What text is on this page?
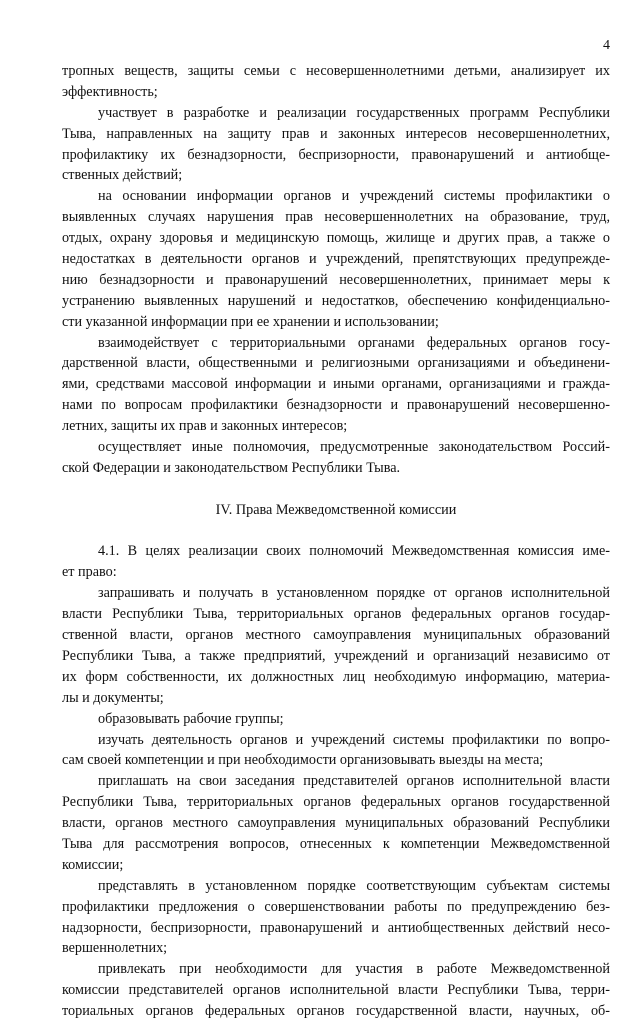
4
тропных веществ, защиты семьи с несовершеннолетними детьми, анализирует их
эффективность;
участвует в разработке и реализации государственных программ Республики
Тыва, направленных на защиту прав и законных интересов несовершеннолетних,
профилактику их безнадзорности, беспризорности, правонарушений и антиобще-
ственных действий;
на основании информации органов и учреждений системы профилактики о
выявленных случаях нарушения прав несовершеннолетних на образование, труд,
отдых, охрану здоровья и медицинскую помощь, жилище и других прав, а также о
недостатках в деятельности органов и учреждений, препятствующих предупрежде-
нию безнадзорности и правонарушений несовершеннолетних, принимает меры к
устранению выявленных нарушений и недостатков, обеспечению конфиденциально-
сти указанной информации при ее хранении и использовании;
взаимодействует с территориальными органами федеральных органов госу-
дарственной власти, общественными и религиозными организациями и объединени-
ями, средствами массовой информации и иными органами, организациями и гражда-
нами по вопросам профилактики безнадзорности и правонарушений несовершенно-
летних, защиты их прав и законных интересов;
осуществляет иные полномочия, предусмотренные законодательством Россий-
ской Федерации и законодательством Республики Тыва.
IV. Права Межведомственной комиссии
4.1. В целях реализации своих полномочий Межведомственная комиссия име-
ет право:
запрашивать и получать в установленном порядке от органов исполнительной
власти Республики Тыва, территориальных органов федеральных органов государ-
ственной власти, органов местного самоуправления муниципальных образований
Республики Тыва, а также предприятий, учреждений и организаций независимо от
их форм собственности, их должностных лиц необходимую информацию, материа-
лы и документы;
образовывать рабочие группы;
изучать деятельность органов и учреждений системы профилактики по вопро-
сам своей компетенции и при необходимости организовывать выезды на места;
приглашать на свои заседания представителей органов исполнительной власти
Республики Тыва, территориальных органов федеральных органов государственной
власти, органов местного самоуправления муниципальных образований Республики
Тыва для рассмотрения вопросов, отнесенных к компетенции Межведомственной
комиссии;
представлять в установленном порядке соответствующим субъектам системы
профилактики предложения о совершенствовании работы по предупреждению без-
надзорности, беспризорности, правонарушений и антиобщественных действий несо-
вершеннолетних;
привлекать при необходимости для участия в работе Межведомственной
комиссии представителей органов исполнительной власти Республики Тыва, терри-
ториальных органов федеральных органов государственной власти, научных, об-
